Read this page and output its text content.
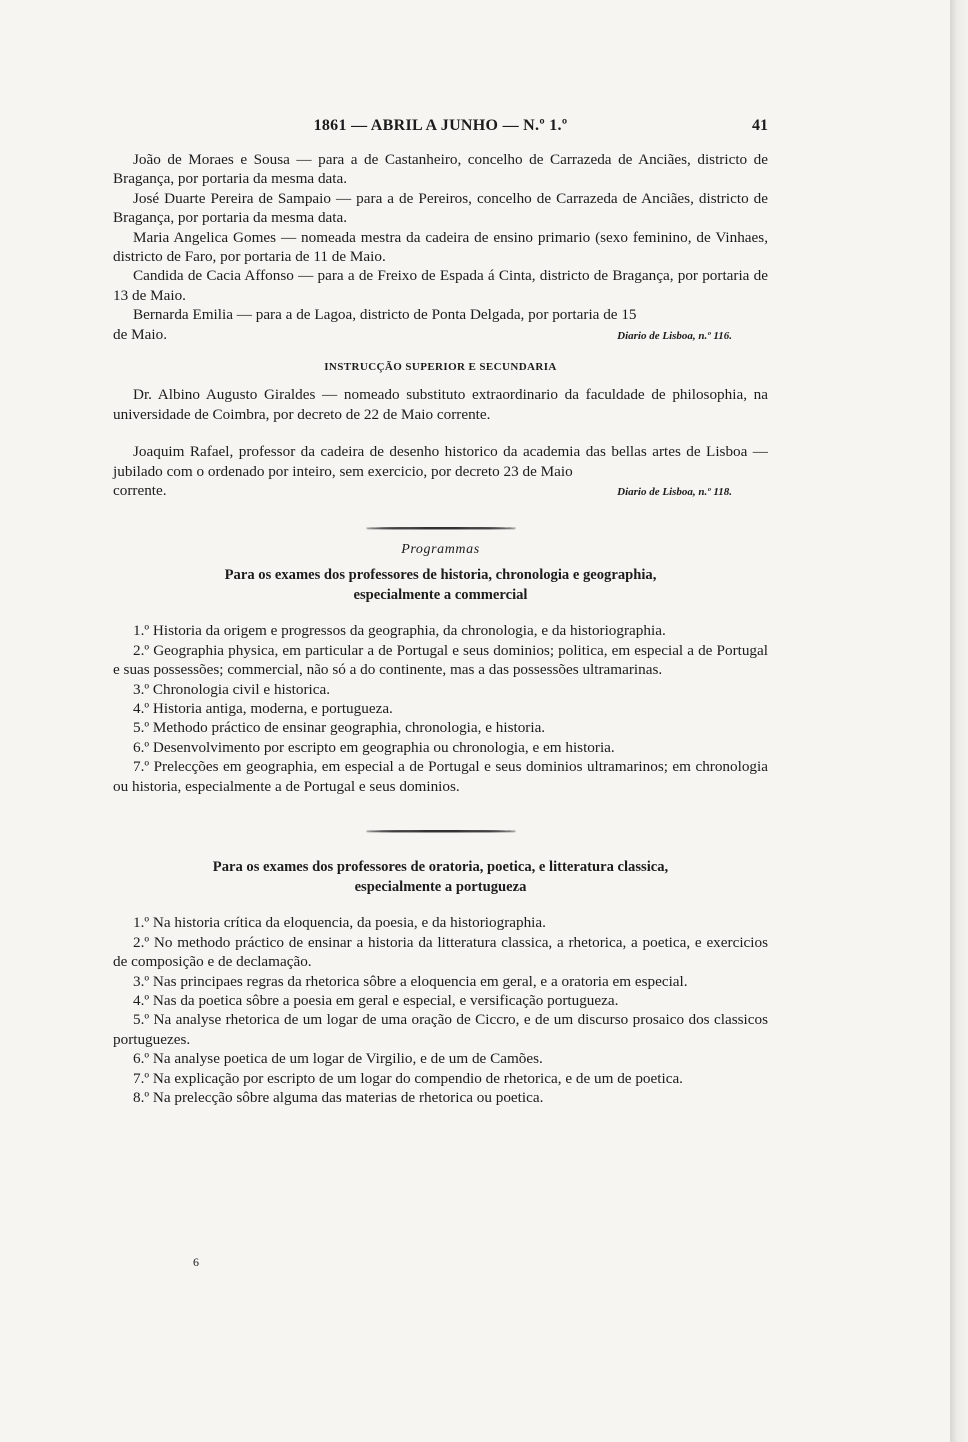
1861 — ABRIL A JUNHO — N.º 1.º	41

João de Moraes e Sousa — para a de Castanheiro, concelho de Carrazeda de Anciães, districto de Bragança, por portaria da mesma data.

José Duarte Pereira de Sampaio — para a de Pereiros, concelho de Carrazeda de Anciães, districto de Bragança, por portaria da mesma data.

Maria Angelica Gomes — nomeada mestra da cadeira de ensino primario (sexo feminino, de Vinhaes, districto de Faro, por portaria de 11 de Maio.

Candida de Cacia Affonso — para a de Freixo de Espada á Cinta, districto de Bragança, por portaria de 13 de Maio.

Bernarda Emilia — para a de Lagoa, districto de Ponta Delgada, por portaria de 15

de Maio.	Diario de Lisboa, n.º 116.
INSTRUCÇÃO SUPERIOR E SECUNDARIA

Dr. Albino Augusto Giraldes — nomeado substituto extraordinario da faculdade de philosophia, na universidade de Coimbra, por decreto de 22 de Maio corrente.

Joaquim Rafael, professor da cadeira de desenho historico da academia das bellas artes de Lisboa — jubilado com o ordenado por inteiro, sem exercicio, por decreto 23 de Maio

corrente.	Diario de Lisboa, n.º 118.
Programmas
Para os exames dos professores de historia, chronologia e geographia,
especialmente a commercial

1.º Historia da origem e progressos da geographia, da chronologia, e da historiographia.

2.º Geographia physica, em particular a de Portugal e seus dominios; politica, em especial a de Portugal e suas possessões; commercial, não só a do continente, mas a das possessões ultramarinas.

3.º Chronologia civil e historica.

4.º Historia antiga, moderna, e portugueza.

5.º Methodo práctico de ensinar geographia, chronologia, e historia.

6.º Desenvolvimento por escripto em geographia ou chronologia, e em historia.

7.º Prelecções em geographia, em especial a de Portugal e seus dominios ultramarinos; em chronologia ou historia, especialmente a de Portugal e seus dominios.

Para os exames dos professores de oratoria, poetica, e litteratura classica,
especialmente a portugueza

1.º Na historia crítica da eloquencia, da poesia, e da historiographia.

2.º No methodo práctico de ensinar a historia da litteratura classica, a rhetorica, a poetica, e exercicios de composição e de declamação.

3.º Nas principaes regras da rhetorica sôbre a eloquencia em geral, e a oratoria em especial.

4.º Nas da poetica sôbre a poesia em geral e especial, e versificação portugueza.

5.º Na analyse rhetorica de um logar de uma oração de Ciccro, e de um discurso prosaico dos classicos portuguezes.

6.º Na analyse poetica de um logar de Virgilio, e de um de Camões.

7.º Na explicação por escripto de um logar do compendio de rhetorica, e de um de poetica.

8.º Na prelecção sôbre alguma das materias de rhetorica ou poetica.

6
